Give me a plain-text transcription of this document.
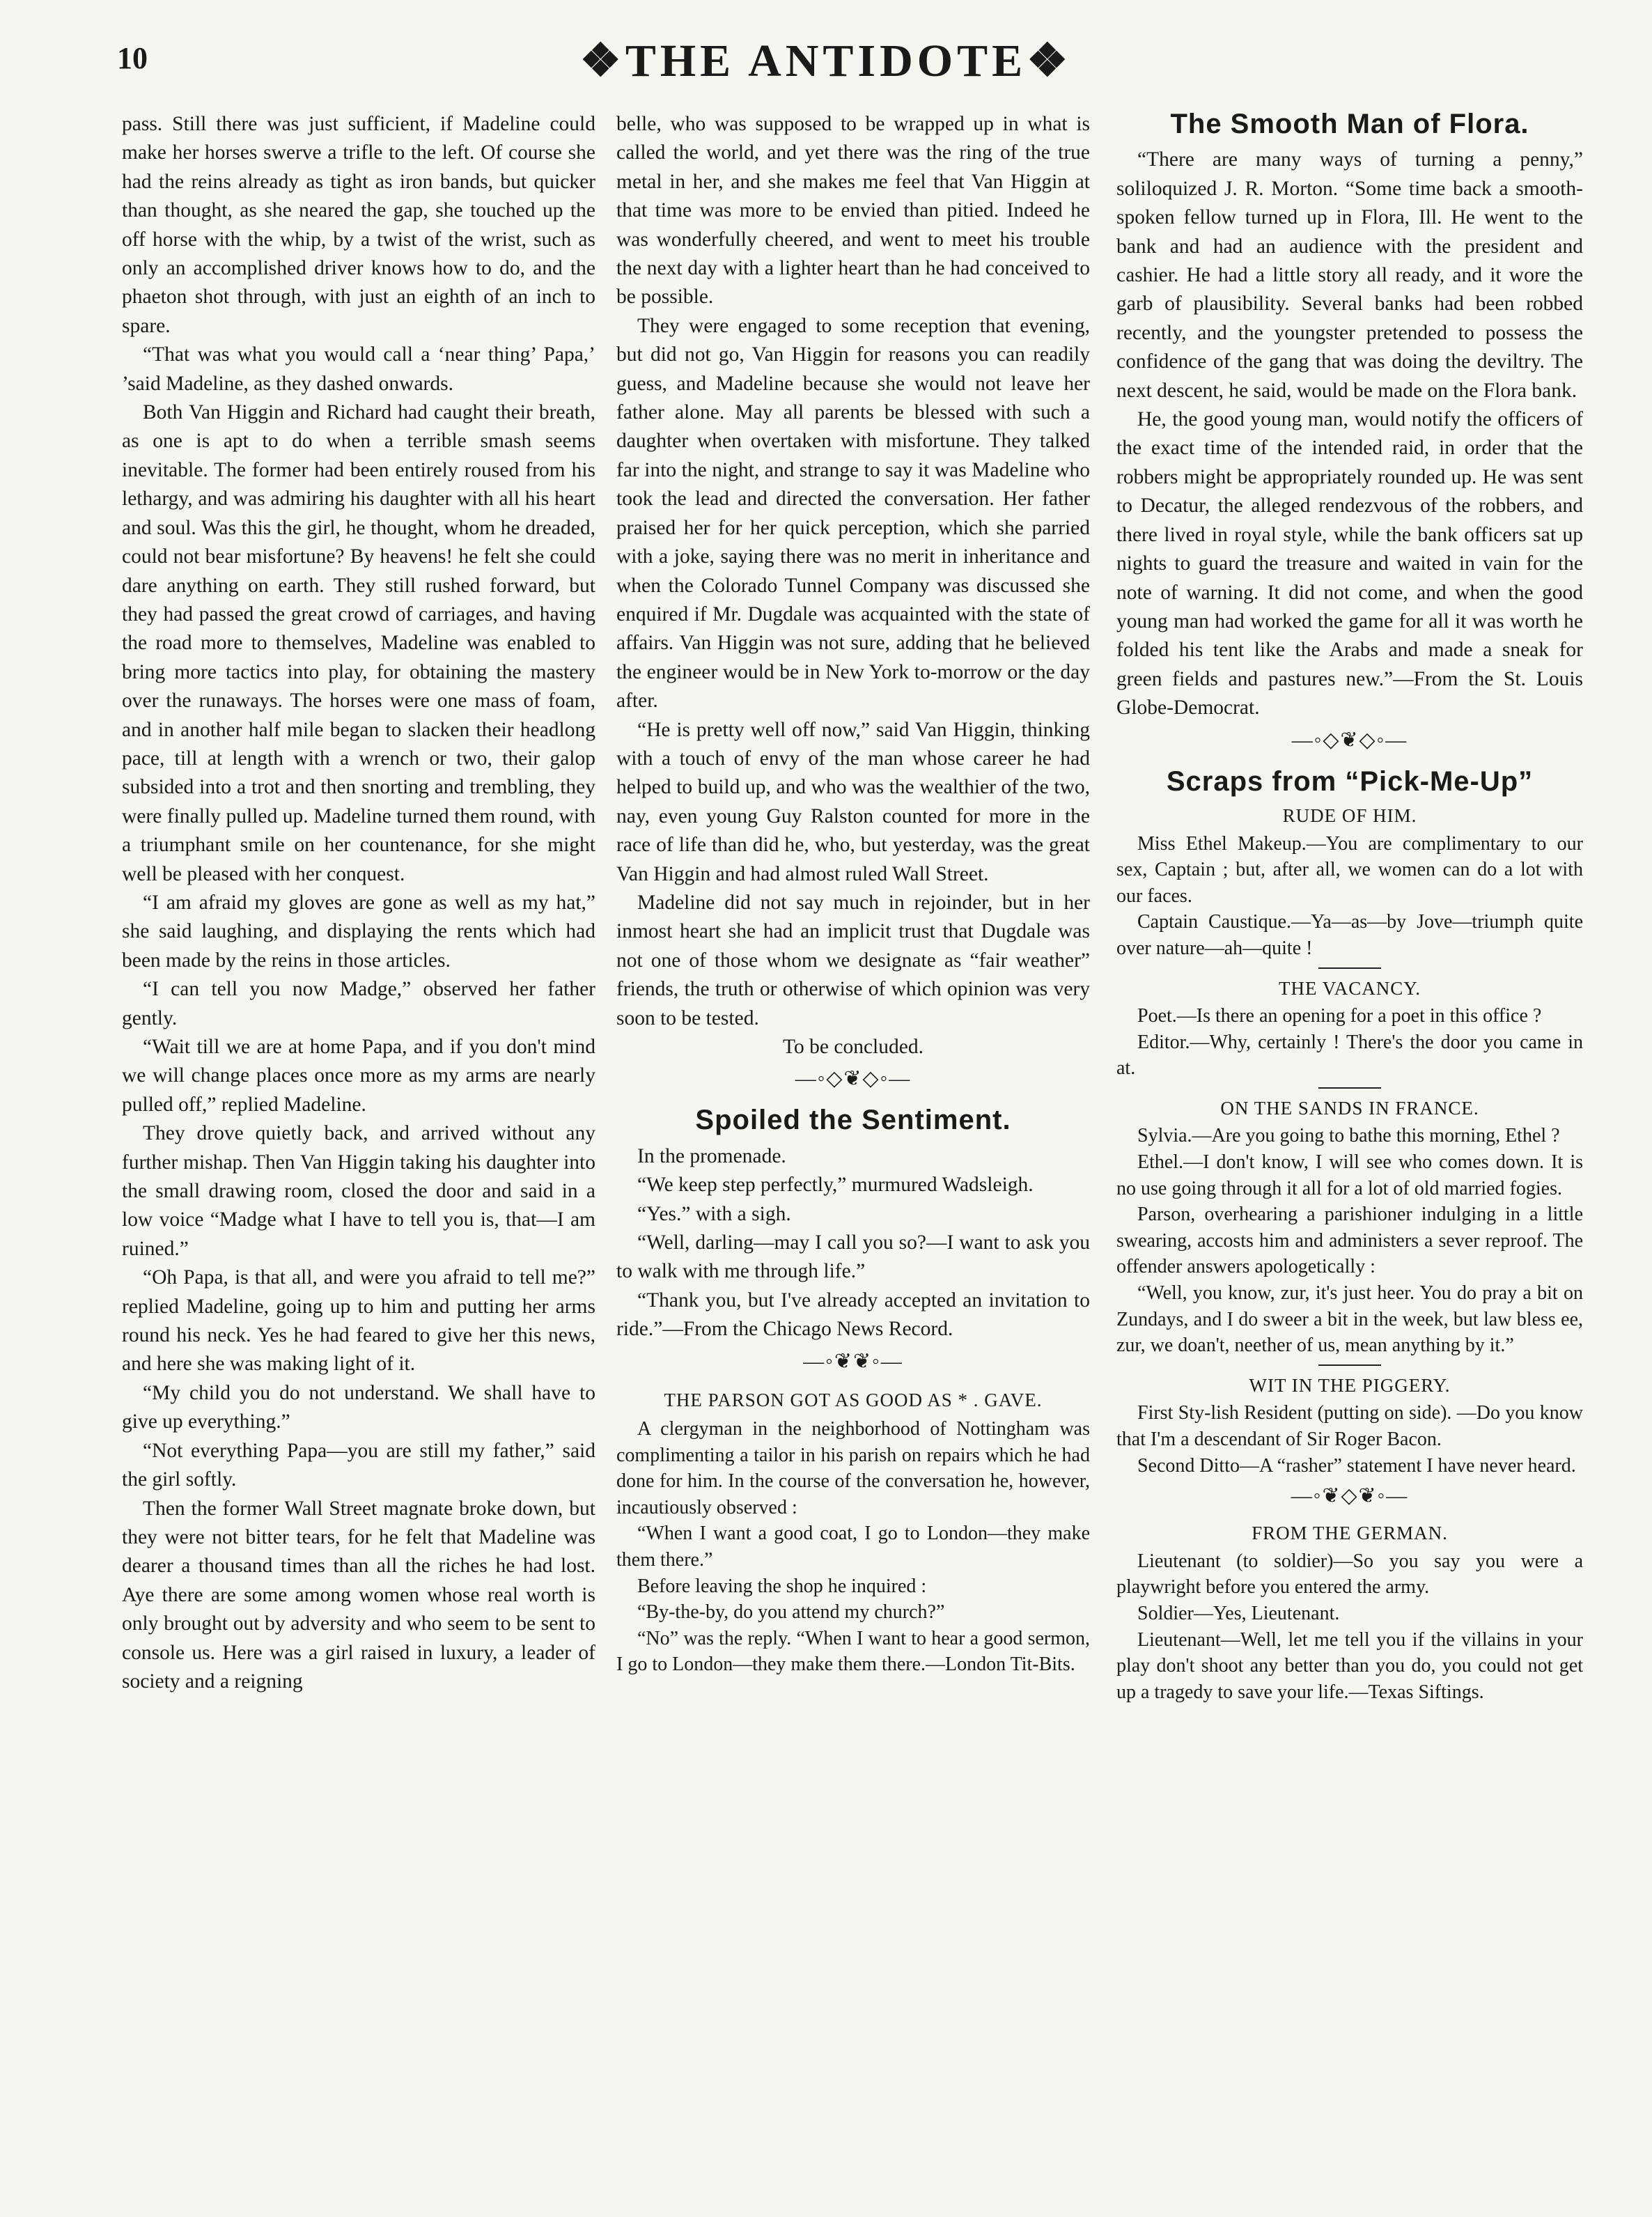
10	❖THE ANTIDOTE❖

pass. Still there was just sufficient, if Madeline could make her horses swerve a trifle to the left. Of course she had the reins already as tight as iron bands, but quicker than thought, as she neared the gap, she touched up the off horse with the whip, by a twist of the wrist, such as only an accomplished driver knows how to do, and the phaeton shot through, with just an eighth of an inch to spare.

“That was what you would call a ‘near thing’ Papa,’ ’said Madeline, as they dashed onwards.

Both Van Higgin and Richard had caught their breath, as one is apt to do when a terrible smash seems inevitable. The former had been entirely roused from his lethargy, and was admiring his daughter with all his heart and soul. Was this the girl, he thought, whom he dreaded, could not bear misfortune? By heavens! he felt she could dare anything on earth. They still rushed forward, but they had passed the great crowd of carriages, and having the road more to themselves, Madeline was enabled to bring more tactics into play, for obtaining the mastery over the runaways. The horses were one mass of foam, and in another half mile began to slacken their headlong pace, till at length with a wrench or two, their galop subsided into a trot and then snorting and trembling, they were finally pulled up. Madeline turned them round, with a triumphant smile on her countenance, for she might well be pleased with her conquest.

“I am afraid my gloves are gone as well as my hat,” she said laughing, and displaying the rents which had been made by the reins in those articles.

“I can tell you now Madge,” observed her father gently.

“Wait till we are at home Papa, and if you don't mind we will change places once more as my arms are nearly pulled off,” replied Madeline.

They drove quietly back, and arrived without any further mishap. Then Van Higgin taking his daughter into the small drawing room, closed the door and said in a low voice “Madge what I have to tell you is, that—I am ruined.”

“Oh Papa, is that all, and were you afraid to tell me?” replied Madeline, going up to him and putting her arms round his neck. Yes he had feared to give her this news, and here she was making light of it.

“My child you do not understand. We shall have to give up everything.”

“Not everything Papa—you are still my father,” said the girl softly.

Then the former Wall Street magnate broke down, but they were not bitter tears, for he felt that Madeline was dearer a thousand times than all the riches he had lost. Aye there are some among women whose real worth is only brought out by adversity and who seem to be sent to console us. Here was a girl raised in luxury, a leader of society and a reigning

belle, who was supposed to be wrapped up in what is called the world, and yet there was the ring of the true metal in her, and she makes me feel that Van Higgin at that time was more to be envied than pitied. Indeed he was wonderfully cheered, and went to meet his trouble the next day with a lighter heart than he had conceived to be possible.

They were engaged to some reception that evening, but did not go, Van Higgin for reasons you can readily guess, and Madeline because she would not leave her father alone. May all parents be blessed with such a daughter when overtaken with misfortune. They talked far into the night, and strange to say it was Madeline who took the lead and directed the conversation. Her father praised her for her quick perception, which she parried with a joke, saying there was no merit in inheritance and when the Colorado Tunnel Company was discussed she enquired if Mr. Dugdale was acquainted with the state of affairs. Van Higgin was not sure, adding that he believed the engineer would be in New York to-morrow or the day after.

“He is pretty well off now,” said Van Higgin, thinking with a touch of envy of the man whose career he had helped to build up, and who was the wealthier of the two, nay, even young Guy Ralston counted for more in the race of life than did he, who, but yesterday, was the great Van Higgin and had almost ruled Wall Street.

Madeline did not say much in rejoinder, but in her inmost heart she had an implicit trust that Dugdale was not one of those whom we designate as “fair weather” friends, the truth or otherwise of which opinion was very soon to be tested.

To be concluded.

—◦◇❦◇◦—
Spoiled the Sentiment.

In the promenade.

“We keep step perfectly,” murmured Wadsleigh.

“Yes.” with a sigh.

“Well, darling—may I call you so?—I want to ask you to walk with me through life.”

“Thank you, but I've already accepted an invitation to ride.”—From the Chicago News Record.

—◦❦❦◦—
THE PARSON GOT AS GOOD AS * . GAVE.

A clergyman in the neighborhood of Nottingham was complimenting a tailor in his parish on repairs which he had done for him. In the course of the conversation he, however, incautiously observed :

“When I want a good coat, I go to London—they make them there.”

Before leaving the shop he inquired :

“By-the-by, do you attend my church?”

“No” was the reply. “When I want to hear a good sermon, I go to London—they make them there.—London Tit-Bits.

The Smooth Man of Flora.

“There are many ways of turning a penny,” soliloquized J. R. Morton. “Some time back a smooth-spoken fellow turned up in Flora, Ill. He went to the bank and had an audience with the president and cashier. He had a little story all ready, and it wore the garb of plausibility. Several banks had been robbed recently, and the youngster pretended to possess the confidence of the gang that was doing the deviltry. The next descent, he said, would be made on the Flora bank.

He, the good young man, would notify the officers of the exact time of the intended raid, in order that the robbers might be appropriately rounded up. He was sent to Decatur, the alleged rendezvous of the robbers, and there lived in royal style, while the bank officers sat up nights to guard the treasure and waited in vain for the note of warning. It did not come, and when the good young man had worked the game for all it was worth he folded his tent like the Arabs and made a sneak for green fields and pastures new.”—From the St. Louis Globe-Democrat.

—◦◇❦◇◦—
Scraps from “Pick-Me-Up”
RUDE OF HIM.

Miss Ethel Makeup.—You are complimentary to our sex, Captain ; but, after all, we women can do a lot with our faces.

Captain Caustique.—Ya—as—by Jove—triumph quite over nature—ah—quite !

THE VACANCY.

Poet.—Is there an opening for a poet in this office ?

Editor.—Why, certainly ! There's the door you came in at.

ON THE SANDS IN FRANCE.

Sylvia.—Are you going to bathe this morning, Ethel ?

Ethel.—I don't know, I will see who comes down. It is no use going through it all for a lot of old married fogies.

Parson, overhearing a parishioner indulging in a little swearing, accosts him and administers a sever reproof. The offender answers apologetically :

“Well, you know, zur, it's just heer. You do pray a bit on Zundays, and I do sweer a bit in the week, but law bless ee, zur, we doan't, neether of us, mean anything by it.”

WIT IN THE PIGGERY.

First Sty-lish Resident (putting on side). —Do you know that I'm a descendant of Sir Roger Bacon.

Second Ditto—A “rasher” statement I have never heard.

—◦❦◇❦◦—
FROM THE GERMAN.

Lieutenant (to soldier)—So you say you were a playwright before you entered the army.

Soldier—Yes, Lieutenant.

Lieutenant—Well, let me tell you if the villains in your play don't shoot any better than you do, you could not get up a tragedy to save your life.—Texas Siftings.
